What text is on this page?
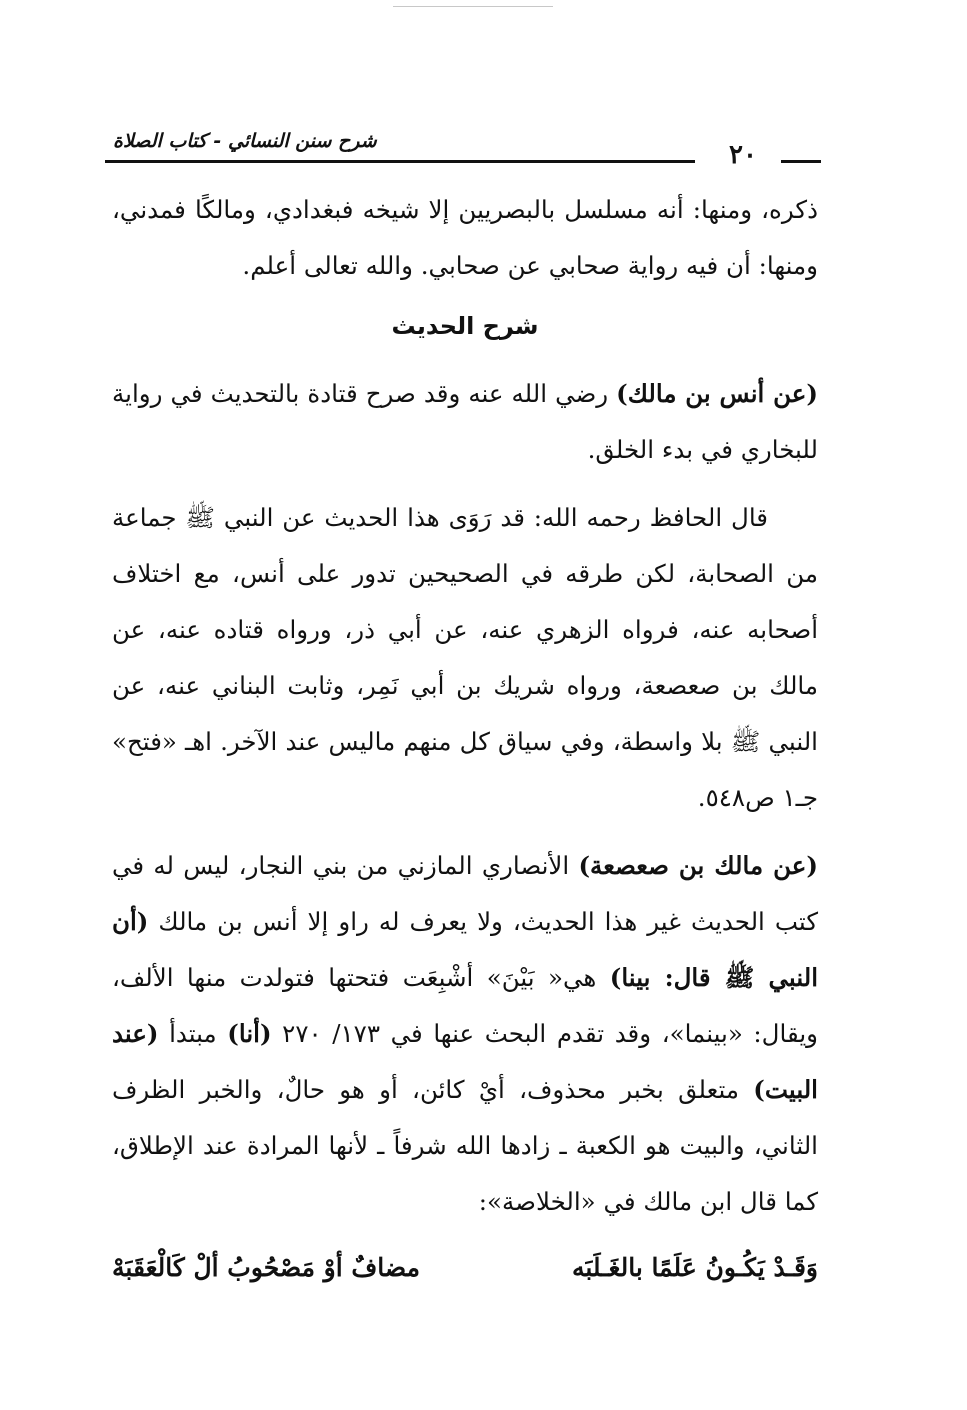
شرح سنن النسائي - كتاب الصلاة	٢٠

ذكره، ومنها: أنه مسلسل بالبصريين إلا شيخه فبغدادي، ومالكًا فمدني، ومنها: أن فيه رواية صحابي عن صحابي. والله تعالى أعلم.

شرح الحديث

(عن أنس بن مالك) رضي الله عنه وقد صرح قتادة بالتحديث في رواية للبخاري في بدء الخلق.

قال الحافظ رحمه الله: قد رَوَى هذا الحديث عن النبي ﷺ جماعة من الصحابة، لكن طرقه في الصحيحين تدور على أنس، مع اختلاف أصحابه عنه، فرواه الزهري عنه، عن أبي ذر، ورواه قتاده عنه، عن مالك بن صعصعة، ورواه شريك بن أبي نَمِر، وثابت البناني عنه، عن النبي ﷺ بلا واسطة، وفي سياق كل منهم ماليس عند الآخر. اهـ «فتح» جـ١ ص٥٤٨.

(عن مالك بن صعصعة) الأنصاري المازني من بني النجار، ليس له في كتب الحديث غير هذا الحديث، ولا يعرف له راو إلا أنس بن مالك (أن النبي ﷺ قال: بينا) هي« بَيْنَ» أشْبِعَت فتحتها فتولدت منها الألف، ويقال: «بينما»، وقد تقدم البحث عنها في ١٧٣/ ٢٧٠ (أنا) مبتدأ (عند البيت) متعلق بخبر محذوف، أيْ كائن، أو هو حالٌ، والخبر الظرف الثاني، والبيت هو الكعبة ـ زادها الله شرفاً ـ لأنها المرادة عند الإطلاق، كما قال ابن مالك في «الخلاصة»:

وَقَـدْ يَكُـونُ عَلَمًا بالغَـلَبَه
مضافٌ أوْ مَصْحُوبُ ألْ كَالْعَقَبَهْ
